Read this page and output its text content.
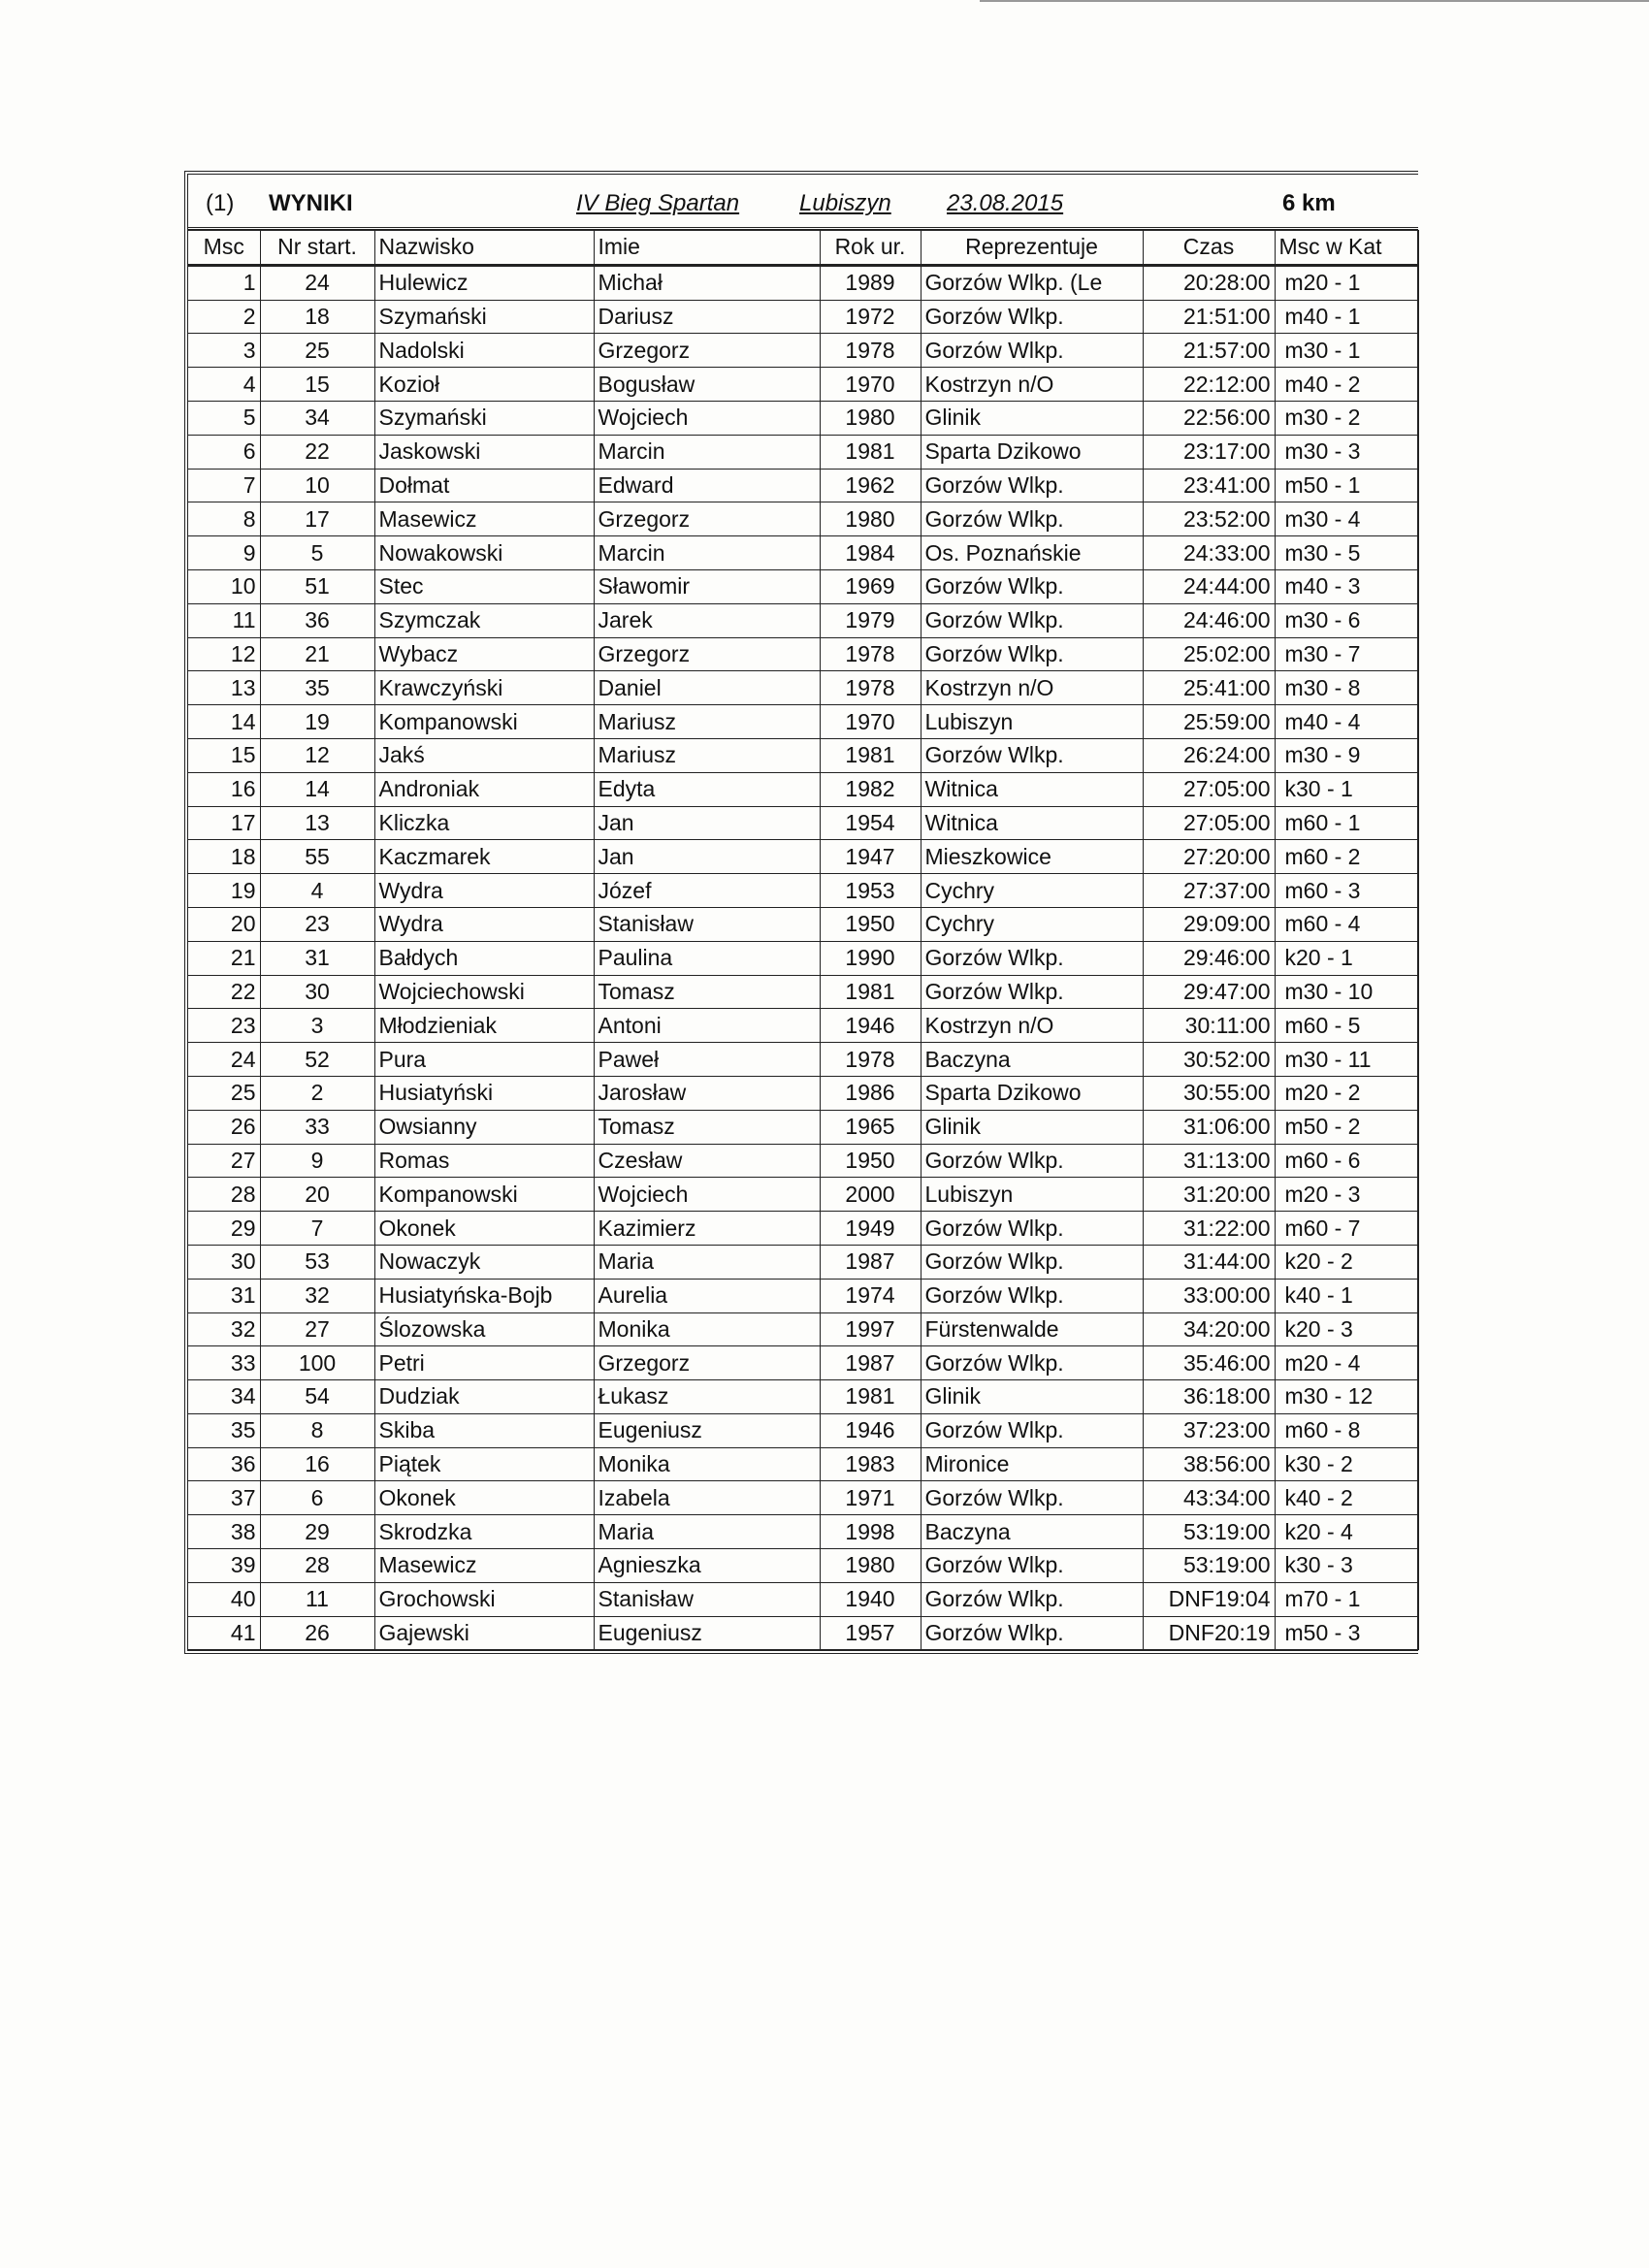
(1) WYNIKI	IV Bieg Spartan	Lubiszyn 23.08.2015	6 km
Msc	Nr start.	Nazwisko	Imie	Rok ur.	Reprezentuje	Czas	Msc w Kat
1	24	Hulewicz	Michał	1989	Gorzów Wlkp. (Le	20:28:00	m20 - 1
2	18	Szymański	Dariusz	1972	Gorzów Wlkp.	21:51:00	m40 - 1
3	25	Nadolski	Grzegorz	1978	Gorzów Wlkp.	21:57:00	m30 - 1
4	15	Kozioł	Bogusław	1970	Kostrzyn n/O	22:12:00	m40 - 2
5	34	Szymański	Wojciech	1980	Glinik	22:56:00	m30 - 2
6	22	Jaskowski	Marcin	1981	Sparta Dzikowo	23:17:00	m30 - 3
7	10	Dołmat	Edward	1962	Gorzów Wlkp.	23:41:00	m50 - 1
8	17	Masewicz	Grzegorz	1980	Gorzów Wlkp.	23:52:00	m30 - 4
9	5	Nowakowski	Marcin	1984	Os. Poznańskie	24:33:00	m30 - 5
10	51	Stec	Sławomir	1969	Gorzów Wlkp.	24:44:00	m40 - 3
11	36	Szymczak	Jarek	1979	Gorzów Wlkp.	24:46:00	m30 - 6
12	21	Wybacz	Grzegorz	1978	Gorzów Wlkp.	25:02:00	m30 - 7
13	35	Krawczyński	Daniel	1978	Kostrzyn n/O	25:41:00	m30 - 8
14	19	Kompanowski	Mariusz	1970	Lubiszyn	25:59:00	m40 - 4
15	12	Jakś	Mariusz	1981	Gorzów Wlkp.	26:24:00	m30 - 9
16	14	Androniak	Edyta	1982	Witnica	27:05:00	k30 - 1
17	13	Kliczka	Jan	1954	Witnica	27:05:00	m60 - 1
18	55	Kaczmarek	Jan	1947	Mieszkowice	27:20:00	m60 - 2
19	4	Wydra	Józef	1953	Cychry	27:37:00	m60 - 3
20	23	Wydra	Stanisław	1950	Cychry	29:09:00	m60 - 4
21	31	Bałdych	Paulina	1990	Gorzów Wlkp.	29:46:00	k20 - 1
22	30	Wojciechowski	Tomasz	1981	Gorzów Wlkp.	29:47:00	m30 - 10
23	3	Młodzieniak	Antoni	1946	Kostrzyn n/O	30:11:00	m60 - 5
24	52	Pura	Paweł	1978	Baczyna	30:52:00	m30 - 11
25	2	Husiatyński	Jarosław	1986	Sparta Dzikowo	30:55:00	m20 - 2
26	33	Owsianny	Tomasz	1965	Glinik	31:06:00	m50 - 2
27	9	Romas	Czesław	1950	Gorzów Wlkp.	31:13:00	m60 - 6
28	20	Kompanowski	Wojciech	2000	Lubiszyn	31:20:00	m20 - 3
29	7	Okonek	Kazimierz	1949	Gorzów Wlkp.	31:22:00	m60 - 7
30	53	Nowaczyk	Maria	1987	Gorzów Wlkp.	31:44:00	k20 - 2
31	32	Husiatyńska-Bojb	Aurelia	1974	Gorzów Wlkp.	33:00:00	k40 - 1
32	27	Ślozowska	Monika	1997	Fürstenwalde	34:20:00	k20 - 3
33	100	Petri	Grzegorz	1987	Gorzów Wlkp.	35:46:00	m20 - 4
34	54	Dudziak	Łukasz	1981	Glinik	36:18:00	m30 - 12
35	8	Skiba	Eugeniusz	1946	Gorzów Wlkp.	37:23:00	m60 - 8
36	16	Piątek	Monika	1983	Mironice	38:56:00	k30 - 2
37	6	Okonek	Izabela	1971	Gorzów Wlkp.	43:34:00	k40 - 2
38	29	Skrodzka	Maria	1998	Baczyna	53:19:00	k20 - 4
39	28	Masewicz	Agnieszka	1980	Gorzów Wlkp.	53:19:00	k30 - 3
40	11	Grochowski	Stanisław	1940	Gorzów Wlkp.	DNF19:04	m70 - 1
41	26	Gajewski	Eugeniusz	1957	Gorzów Wlkp.	DNF20:19	m50 - 3
